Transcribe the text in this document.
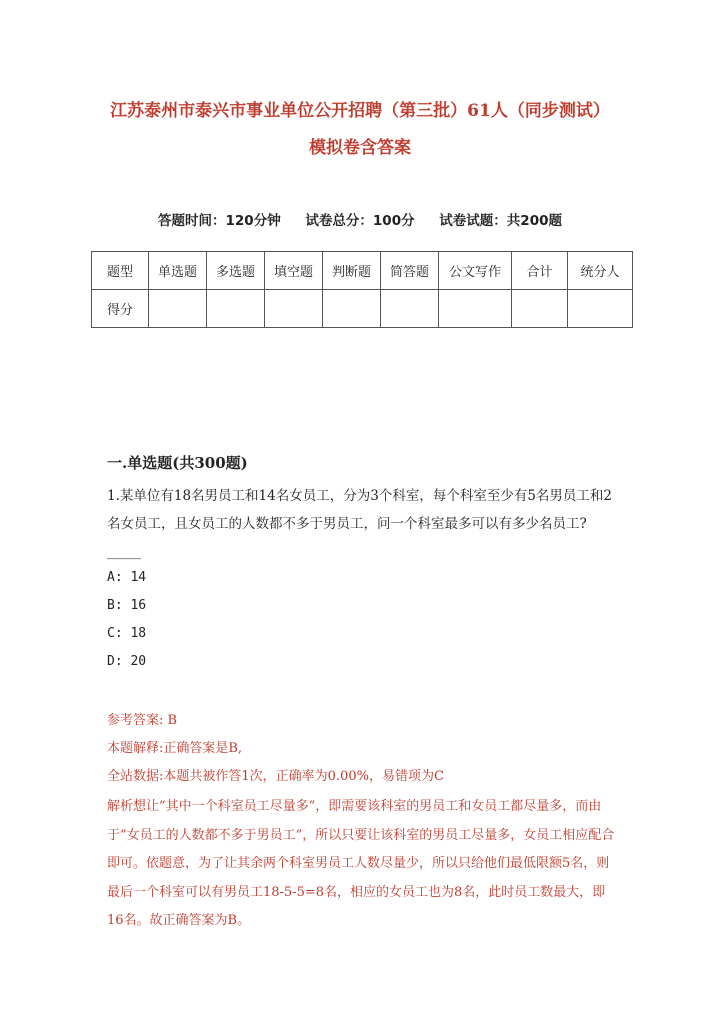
江苏泰州市泰兴市事业单位公开招聘（第三批）61人（同步测试）
模拟卷含答案
答题时间：120分钟 试卷总分：100分 试卷试题：共200题
题型	单选题	多选题	填空题	判断题	简答题	公文写作	合计	统分人
得分								
一.单选题(共300题)
1.某单位有18名男员工和14名女员工，分为3个科室，每个科室至少有5名男员工和2名女员工，且女员工的人数都不多于男员工，问一个科室最多可以有多少名员工?_____
A: 14
B: 16
C: 18
D: 20
参考答案: B
本题解释:正确答案是B,
全站数据:本题共被作答1次，正确率为0.00%，易错项为C
解析想让”其中一个科室员工尽量多”，即需要该科室的男员工和女员工都尽量多，而由于”女员工的人数都不多于男员工”，所以只要让该科室的男员工尽量多，女员工相应配合即可。依题意，为了让其余两个科室男员工人数尽量少，所以只给他们最低限额5名，则最后一个科室可以有男员工18-5-5=8名，相应的女员工也为8名，此时员工数最大，即16名。故正确答案为B。
